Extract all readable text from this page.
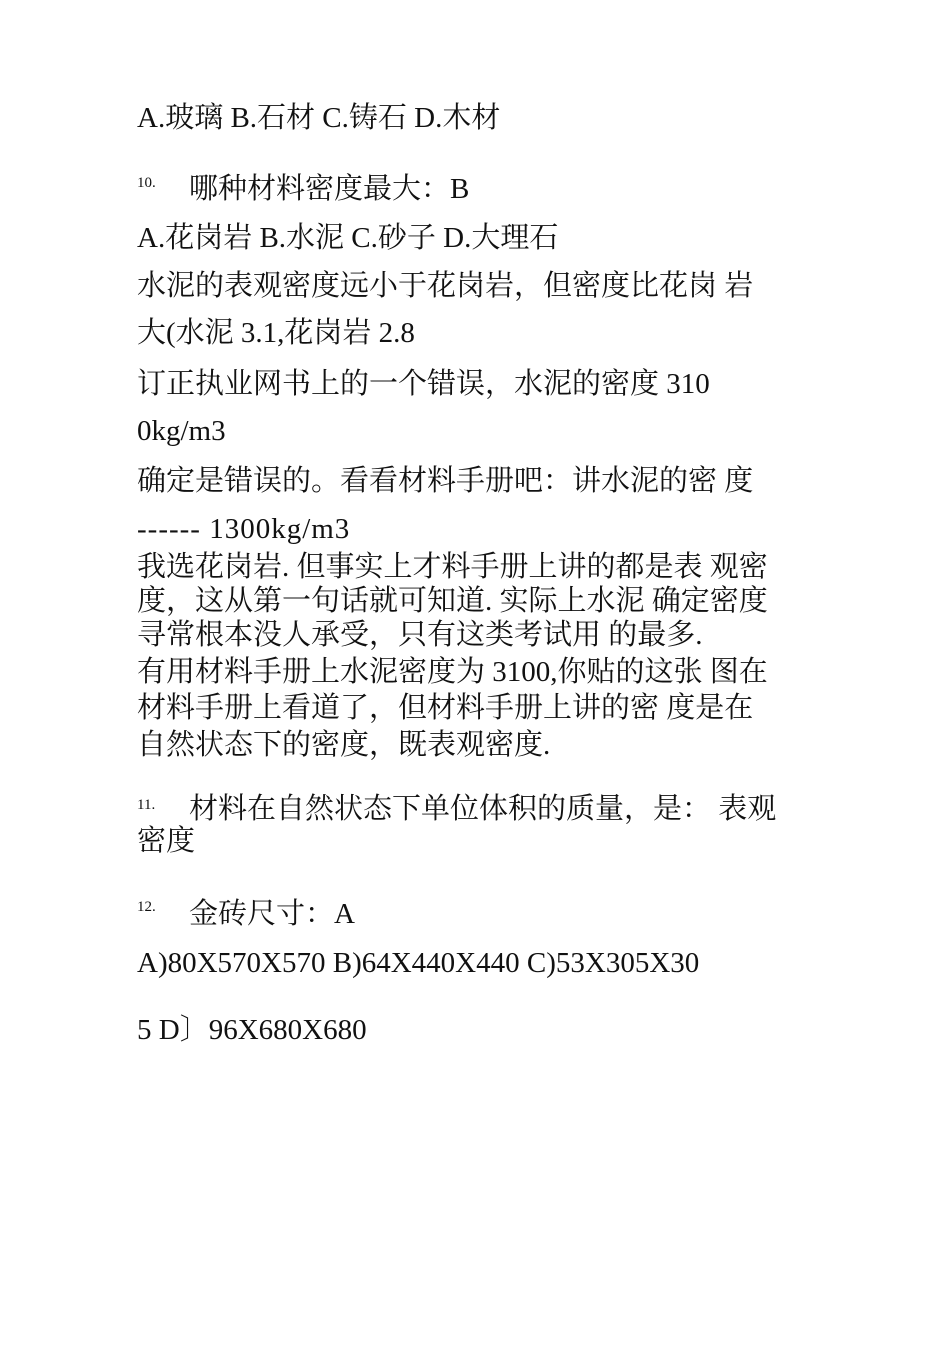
A.玻璃 B.石材 C.铸石 D.木材
10. 哪种材料密度最大：B
A.花岗岩 B.水泥 C.砂子 D.大理石
水泥的表观密度远小于花岗岩，但密度比花岗 岩
大(水泥 3.1,花岗岩 2.8
订正执业网书上的一个错误，水泥的密度 310
0kg/m3
确定是错误的。看看材料手册吧：讲水泥的密 度
------ 1300kg/m3
我选花岗岩. 但事实上才料手册上讲的都是表 观密
度，这从第一句话就可知道. 实际上水泥 确定密度
寻常根本没人承受，只有这类考试用 的最多.
有用材料手册上水泥密度为 3100,你贴的这张 图在
材料手册上看道了，但材料手册上讲的密 度是在
自然状态下的密度，既表观密度.
11. 材料在自然状态下单位体积的质量，是： 表观
密度
12. 金砖尺寸：A
A)80X570X570 B)64X440X440 C)53X305X30
5 D〕96X680X680
